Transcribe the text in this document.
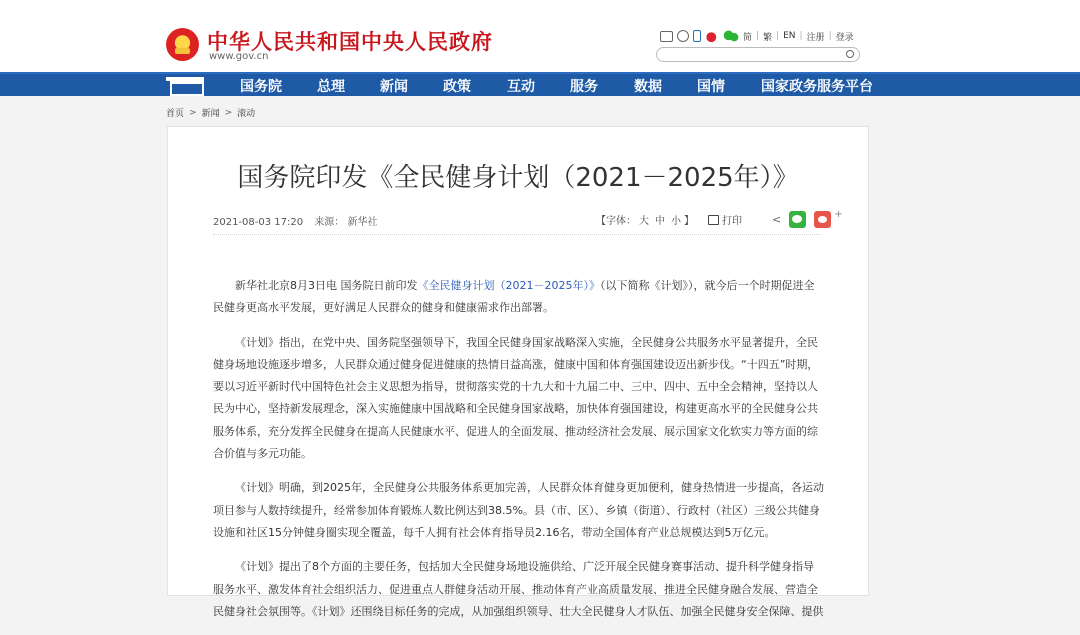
中华人民共和国中央人民政府
www.gov.cn
简 | 繁 | EN | 注册 | 登录
国务院	总理	新闻	政策	互动	服务	数据	国情	国家政务服务平台
首页 > 新闻 > 滚动
国务院印发《全民健身计划（2021－2025年）》
2021-08-03 17:20 来源： 新华社	【字体： 大 中 小 】	打印	<	+

新华社北京8月3日电 国务院日前印发《全民健身计划（2021－2025年）》（以下简称《计划》），就今后一个时期促进全民健身更高水平发展，更好满足人民群众的健身和健康需求作出部署。

《计划》指出，在党中央、国务院坚强领导下，我国全民健身国家战略深入实施，全民健身公共服务水平显著提升，全民健身场地设施逐步增多，人民群众通过健身促进健康的热情日益高涨，健康中国和体育强国建设迈出新步伐。“十四五”时期，要以习近平新时代中国特色社会主义思想为指导，贯彻落实党的十九大和十九届二中、三中、四中、五中全会精神，坚持以人民为中心，坚持新发展理念，深入实施健康中国战略和全民健身国家战略，加快体育强国建设，构建更高水平的全民健身公共服务体系，充分发挥全民健身在提高人民健康水平、促进人的全面发展、推动经济社会发展、展示国家文化软实力等方面的综合价值与多元功能。

《计划》明确，到2025年，全民健身公共服务体系更加完善，人民群众体育健身更加便利，健身热情进一步提高，各运动项目参与人数持续提升，经常参加体育锻炼人数比例达到38.5%。县（市、区）、乡镇（街道）、行政村（社区）三级公共健身设施和社区15分钟健身圈实现全覆盖，每千人拥有社会体育指导员2.16名，带动全国体育产业总规模达到5万亿元。

《计划》提出了8个方面的主要任务，包括加大全民健身场地设施供给、广泛开展全民健身赛事活动、提升科学健身指导服务水平、激发体育社会组织活力、促进重点人群健身活动开展、推动体育产业高质量发展、推进全民健身融合发展、营造全民健身社会氛围等。《计划》还围绕目标任务的完成，从加强组织领导、壮大全民健身人才队伍、加强全民健身安全保障、提供
